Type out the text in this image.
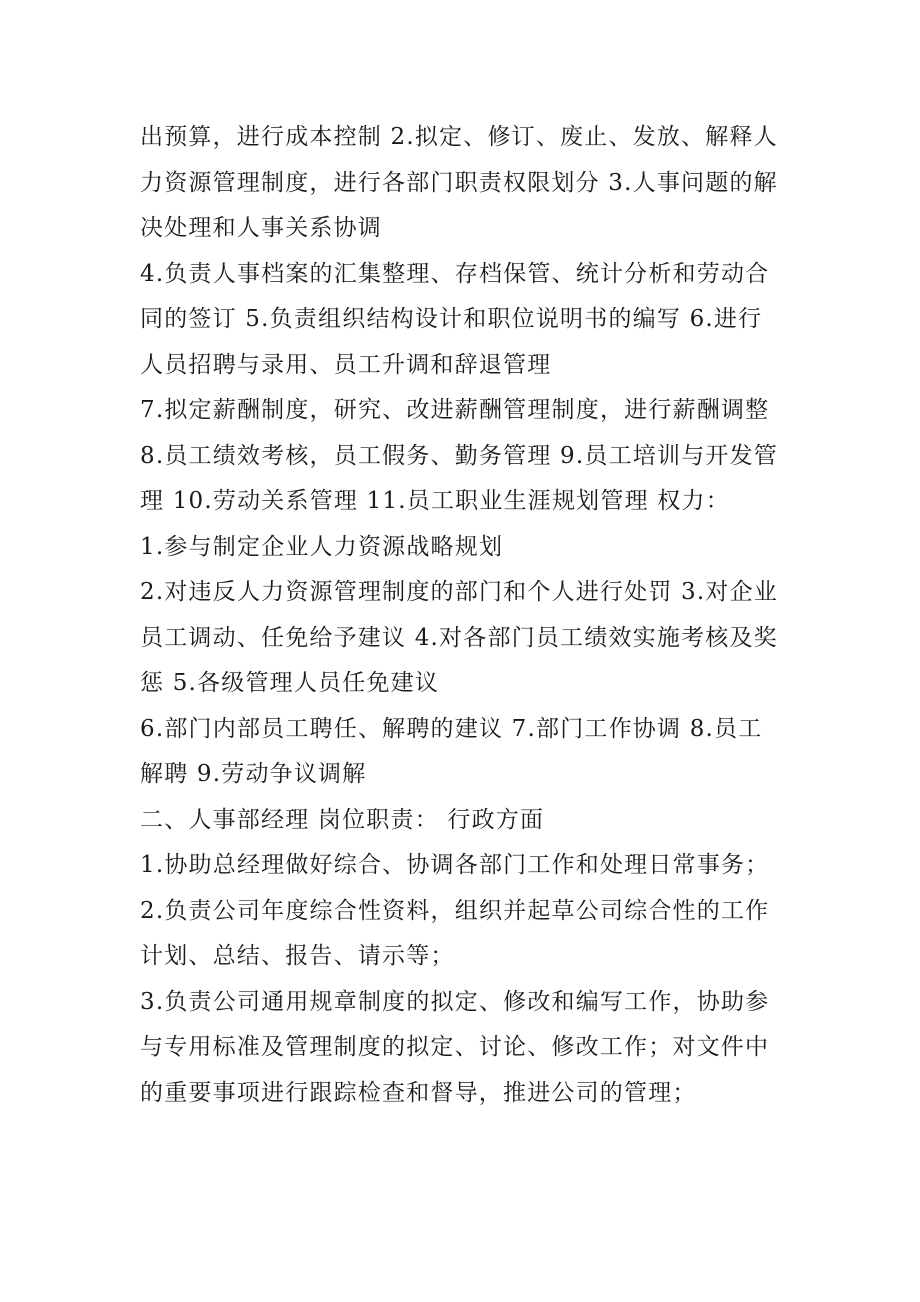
出预算，进行成本控制 2.拟定、修订、废止、发放、解释人力资源管理制度，进行各部门职责权限划分 3.人事问题的解决处理和人事关系协调

4.负责人事档案的汇集整理、存档保管、统计分析和劳动合同的签订 5.负责组织结构设计和职位说明书的编写 6.进行人员招聘与录用、员工升调和辞退管理

7.拟定薪酬制度，研究、改进薪酬管理制度，进行薪酬调整 8.员工绩效考核，员工假务、勤务管理 9.员工培训与开发管理 10.劳动关系管理 11.员工职业生涯规划管理 权力：

1.参与制定企业人力资源战略规划

2.对违反人力资源管理制度的部门和个人进行处罚 3.对企业员工调动、任免给予建议 4.对各部门员工绩效实施考核及奖惩 5.各级管理人员任免建议

6.部门内部员工聘任、解聘的建议 7.部门工作协调 8.员工解聘 9.劳动争议调解

二、人事部经理 岗位职责： 行政方面

1.协助总经理做好综合、协调各部门工作和处理日常事务；

2.负责公司年度综合性资料，组织并起草公司综合性的工作计划、总结、报告、请示等；

3.负责公司通用规章制度的拟定、修改和编写工作，协助参与专用标准及管理制度的拟定、讨论、修改工作；对文件中的重要事项进行跟踪检查和督导，推进公司的管理；
